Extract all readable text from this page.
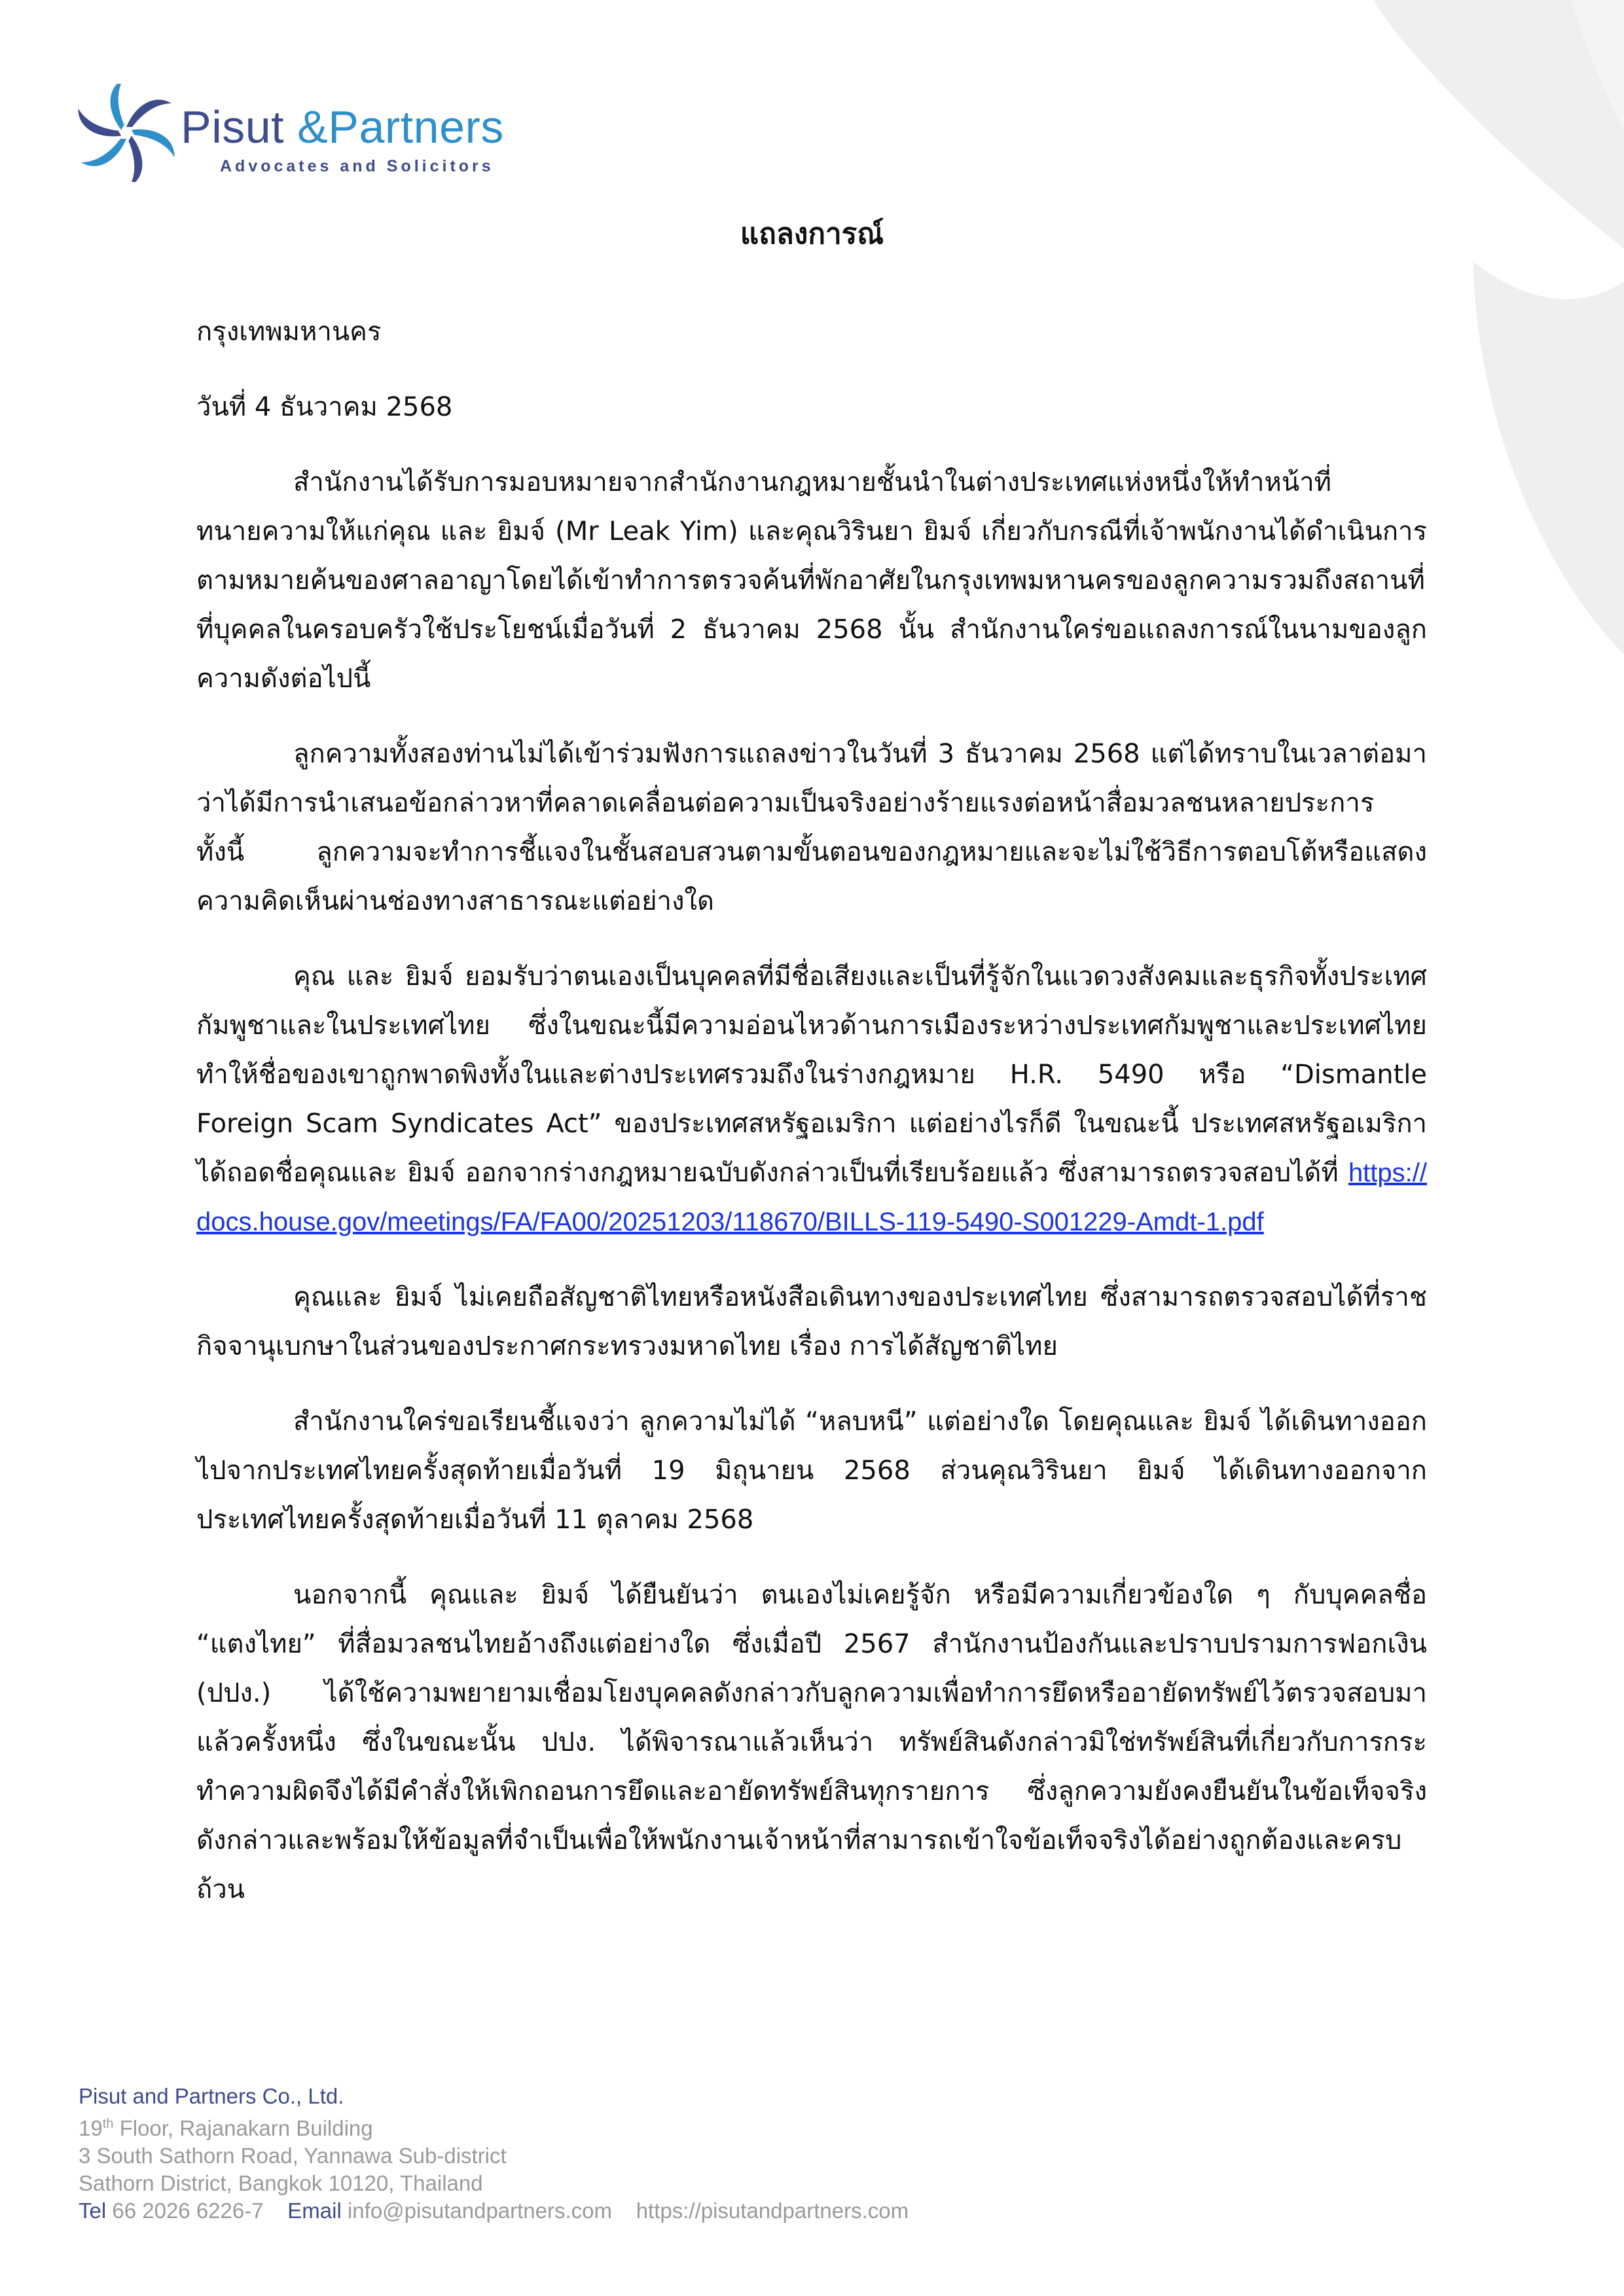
Pisut &Partners
Advocates and Solicitors
แถลงการณ์

กรุงเทพมหานคร

วันที่ 4 ธันวาคม 2568

สำนักงานได้รับการมอบหมายจากสำนักงานกฎหมายชั้นนำในต่างประเทศแห่งหนึ่งให้ทำหน้าที่ทนายความให้แก่คุณ และ ยิมจ์ (Mr Leak Yim) และคุณวิรินยา ยิมจ์ เกี่ยวกับกรณีที่เจ้าพนักงานได้ดำเนินการตามหมายค้นของศาลอาญาโดยได้เข้าทำการตรวจค้นที่พักอาศัยในกรุงเทพมหานครของลูกความรวมถึงสถานที่ที่บุคคลในครอบครัวใช้ประโยชน์เมื่อวันที่ 2 ธันวาคม 2568 นั้น สำนักงานใคร่ขอแถลงการณ์ในนามของลูกความดังต่อไปนี้

ลูกความทั้งสองท่านไม่ได้เข้าร่วมฟังการแถลงข่าวในวันที่ 3 ธันวาคม 2568 แต่ได้ทราบในเวลาต่อมาว่าได้มีการนำเสนอข้อกล่าวหาที่คลาดเคลื่อนต่อความเป็นจริงอย่างร้ายแรงต่อหน้าสื่อมวลชนหลายประการ ทั้งนี้ ลูกความจะทำการชี้แจงในชั้นสอบสวนตามขั้นตอนของกฎหมายและจะไม่ใช้วิธีการตอบโต้หรือแสดงความคิดเห็นผ่านช่องทางสาธารณะแต่อย่างใด

คุณ และ ยิมจ์ ยอมรับว่าตนเองเป็นบุคคลที่มีชื่อเสียงและเป็นที่รู้จักในแวดวงสังคมและธุรกิจทั้งประเทศกัมพูชาและในประเทศไทย ซึ่งในขณะนี้มีความอ่อนไหวด้านการเมืองระหว่างประเทศกัมพูชาและประเทศไทยทำให้ชื่อของเขาถูกพาดพิงทั้งในและต่างประเทศรวมถึงในร่างกฎหมาย H.R. 5490 หรือ “Dismantle Foreign Scam Syndicates Act” ของประเทศสหรัฐอเมริกา แต่อย่างไรก็ดี ในขณะนี้ ประเทศสหรัฐอเมริกาได้ถอดชื่อคุณและ ยิมจ์ ออกจากร่างกฎหมายฉบับดังกล่าวเป็นที่เรียบร้อยแล้ว ซึ่งสามารถตรวจสอบได้ที่ https://docs.house.gov/meetings/FA/FA00/20251203/118670/BILLS-119-5490-S001229-Amdt-1.pdf

คุณและ ยิมจ์ ไม่เคยถือสัญชาติไทยหรือหนังสือเดินทางของประเทศไทย ซึ่งสามารถตรวจสอบได้ที่ราชกิจจานุเบกษาในส่วนของประกาศกระทรวงมหาดไทย เรื่อง การได้สัญชาติไทย

สำนักงานใคร่ขอเรียนชี้แจงว่า ลูกความไม่ได้ “หลบหนี” แต่อย่างใด โดยคุณและ ยิมจ์ ได้เดินทางออกไปจากประเทศไทยครั้งสุดท้ายเมื่อวันที่ 19 มิถุนายน 2568 ส่วนคุณวิรินยา ยิมจ์ ได้เดินทางออกจากประเทศไทยครั้งสุดท้ายเมื่อวันที่ 11 ตุลาคม 2568

นอกจากนี้ คุณและ ยิมจ์ ได้ยืนยันว่า ตนเองไม่เคยรู้จัก หรือมีความเกี่ยวข้องใด ๆ กับบุคคลชื่อ “แตงไทย” ที่สื่อมวลชนไทยอ้างถึงแต่อย่างใด ซึ่งเมื่อปี 2567 สำนักงานป้องกันและปราบปรามการฟอกเงิน (ปปง.) ได้ใช้ความพยายามเชื่อมโยงบุคคลดังกล่าวกับลูกความเพื่อทำการยึดหรืออายัดทรัพย์ไว้ตรวจสอบมาแล้วครั้งหนึ่ง ซึ่งในขณะนั้น ปปง. ได้พิจารณาแล้วเห็นว่า ทรัพย์สินดังกล่าวมิใช่ทรัพย์สินที่เกี่ยวกับการกระทำความผิดจึงได้มีคำสั่งให้เพิกถอนการยึดและอายัดทรัพย์สินทุกรายการ ซึ่งลูกความยังคงยืนยันในข้อเท็จจริงดังกล่าวและพร้อมให้ข้อมูลที่จำเป็นเพื่อให้พนักงานเจ้าหน้าที่สามารถเข้าใจข้อเท็จจริงได้อย่างถูกต้องและครบถ้วน

Pisut and Partners Co., Ltd.
19th Floor, Rajanakarn Building
3 South Sathorn Road, Yannawa Sub-district
Sathorn District, Bangkok 10120, Thailand
Tel 66 2026 6226-7 Email info@pisutandpartners.com https://pisutandpartners.com
